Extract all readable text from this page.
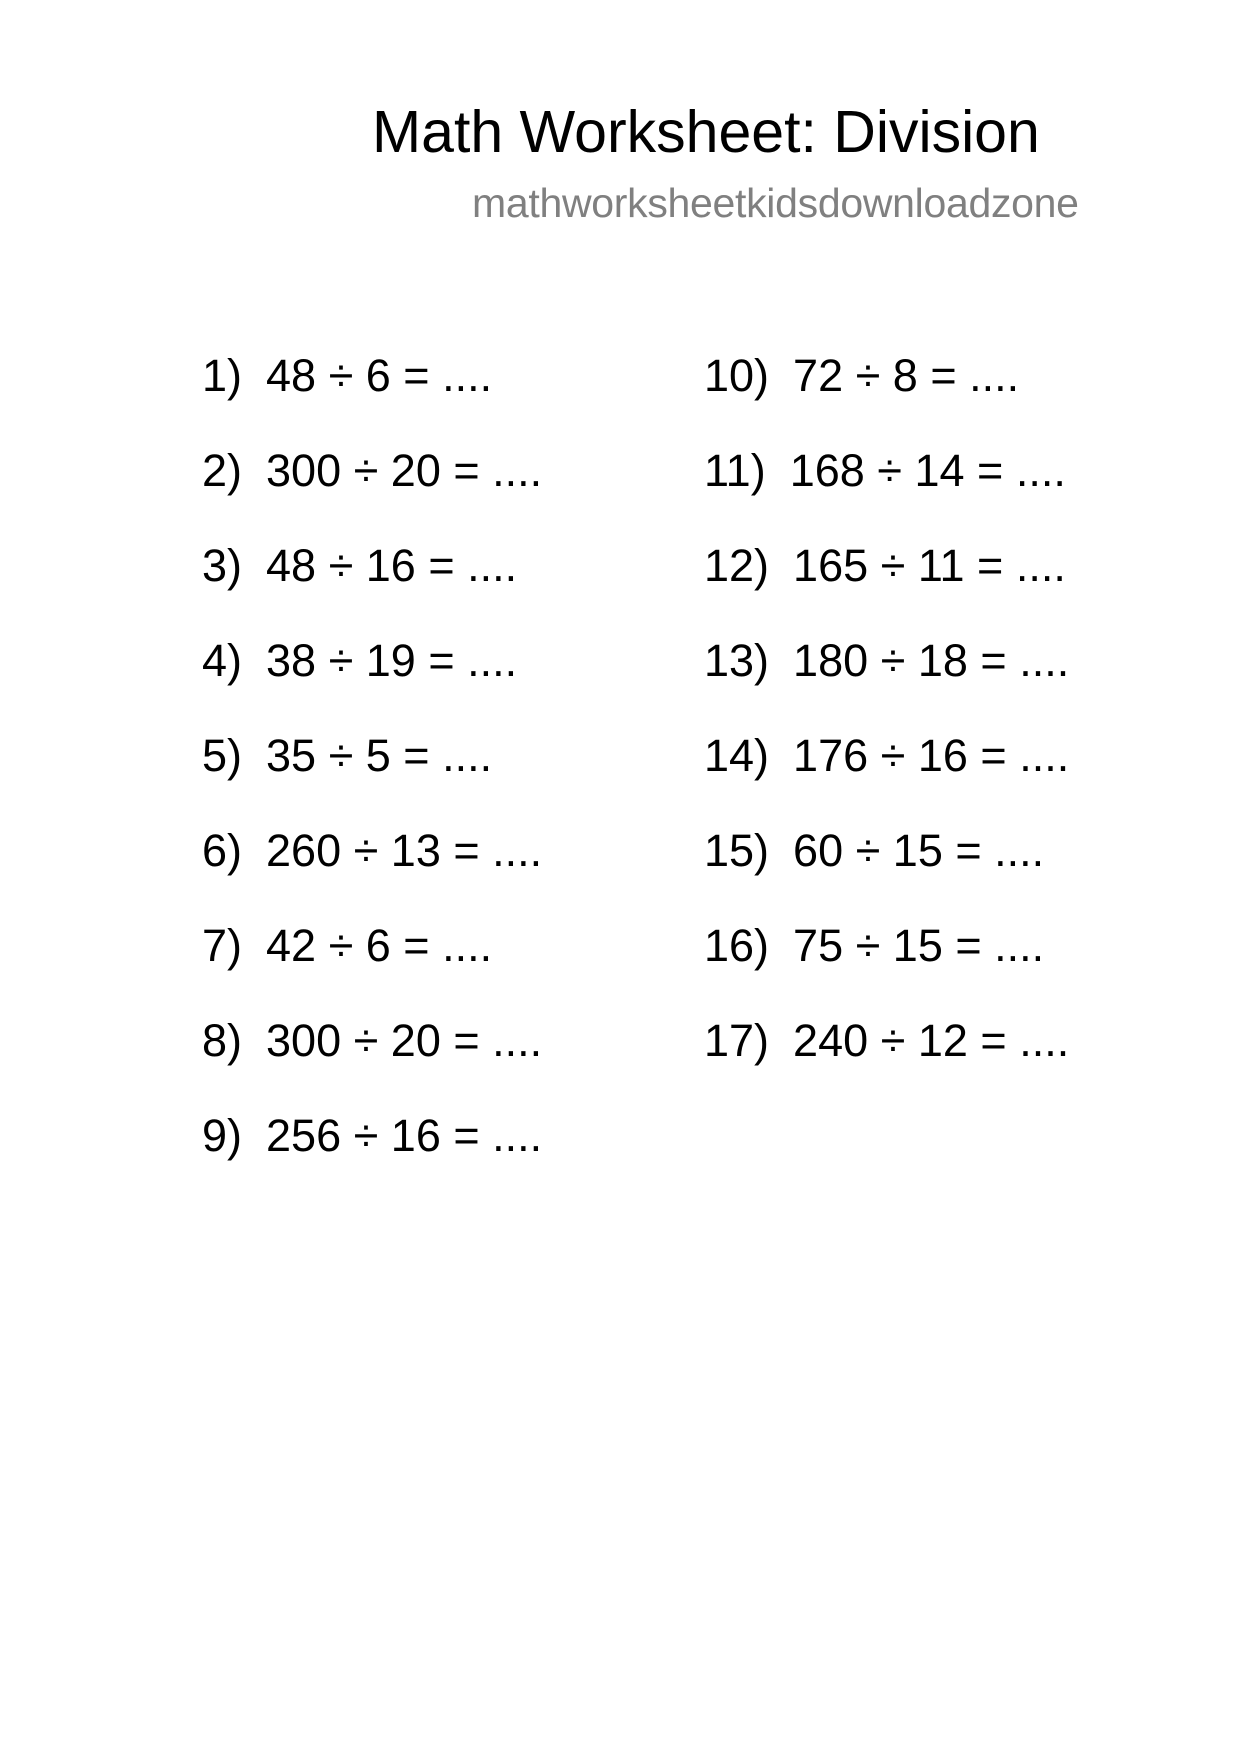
Math Worksheet: Division
mathworksheetkidsdownloadzone
1) 48 ÷ 6 = ....
2) 300 ÷ 20 = ....
3) 48 ÷ 16 = ....
4) 38 ÷ 19 = ....
5) 35 ÷ 5 = ....
6) 260 ÷ 13 = ....
7) 42 ÷ 6 = ....
8) 300 ÷ 20 = ....
9) 256 ÷ 16 = ....
10) 72 ÷ 8 = ....
11) 168 ÷ 14 = ....
12) 165 ÷ 11 = ....
13) 180 ÷ 18 = ....
14) 176 ÷ 16 = ....
15) 60 ÷ 15 = ....
16) 75 ÷ 15 = ....
17) 240 ÷ 12 = ....
